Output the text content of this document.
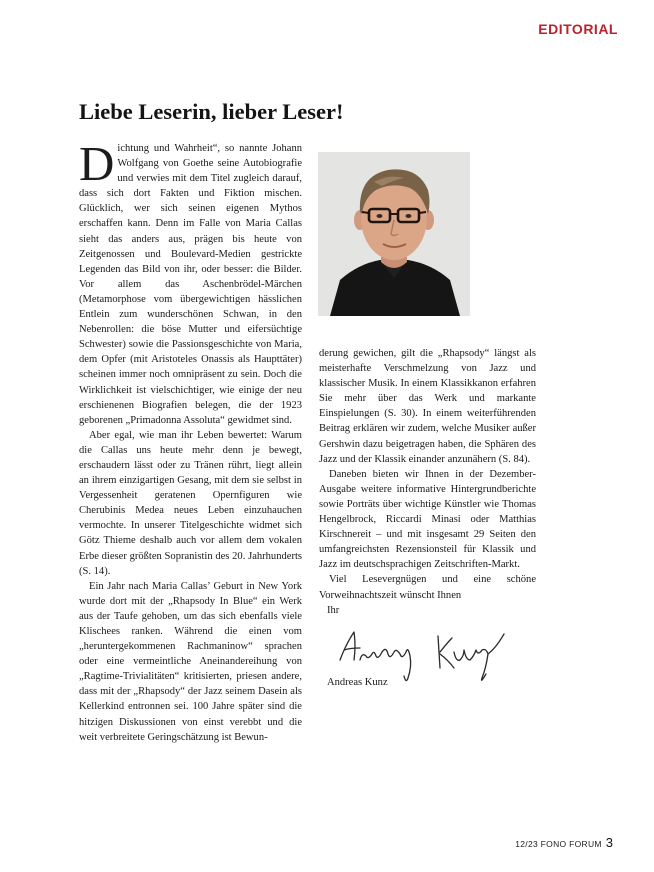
EDITORIAL
Liebe Leserin, lieber Leser!

Dichtung und Wahrheit“, so nannte Johann Wolfgang von Goethe seine Autobiografie und verwies mit dem Titel zugleich darauf, dass sich dort Fakten und Fiktion mischen. Glücklich, wer sich seinen eigenen Mythos erschaffen kann. Denn im Falle von Maria Callas sieht das anders aus, prägen bis heute von Zeitgenossen und Boulevard-Medien gestrickte Legenden das Bild von ihr, oder besser: die Bilder. Vor allem das Aschenbrödel-Märchen (Metamorphose vom übergewichtigen hässlichen Entlein zum wunderschönen Schwan, in den Nebenrollen: die böse Mutter und eifersüchtige Schwester) sowie die Passionsgeschichte von Maria, dem Opfer (mit Aristoteles Onassis als Haupttäter) scheinen immer noch omnipräsent zu sein. Doch die Wirklichkeit ist vielschichtiger, wie einige der neu erschienenen Biografien belegen, die der 1923 geborenen „Primadonna Assoluta“ gewidmet sind.

Aber egal, wie man ihr Leben bewertet: Warum die Callas uns heute mehr denn je bewegt, erschaudern lässt oder zu Tränen rührt, liegt allein an ihrem einzigartigen Gesang, mit dem sie selbst in Vergessenheit geratenen Opernfiguren wie Cherubinis Medea neues Leben einzuhauchen vermochte. In unserer Titelgeschichte widmet sich Götz Thieme deshalb auch vor allem dem vokalen Erbe dieser größten Sopranistin des 20. Jahrhunderts (S. 14).

Ein Jahr nach Maria Callas’ Geburt in New York wurde dort mit der „Rhapsody In Blue“ ein Werk aus der Taufe gehoben, um das sich ebenfalls viele Klischees ranken. Während die einen vom „heruntergekommenen Rachmaninow“ sprachen oder eine vermeintliche Aneinandereihung von „Ragtime-Trivialitäten“ kritisierten, priesen andere, dass mit der „Rhapsody“ der Jazz seinem Dasein als Kellerkind entronnen sei. 100 Jahre später sind die hitzigen Diskussionen von einst verebbt und die weit verbreitete Geringschätzung ist Bewun-

derung gewichen, gilt die „Rhapsody“ längst als meisterhafte Verschmelzung von Jazz und klassischer Musik. In einem Klassikkanon erfahren Sie mehr über das Werk und markante Einspielungen (S. 30). In einem weiterführenden Beitrag erklären wir zudem, welche Musiker außer Gershwin dazu beigetragen haben, die Sphären des Jazz und der Klassik einander anzunähern (S. 84).

Daneben bieten wir Ihnen in der Dezember-Ausgabe weitere informative Hintergrundberichte sowie Porträts über wichtige Künstler wie Thomas Hengelbrock, Riccardi Minasi oder Matthias Kirschnereit – und mit insgesamt 29 Seiten den umfangreichsten Rezensionsteil für Klassik und Jazz im deutschsprachigen Zeitschriften-Markt.

Viel Lesevergnügen und eine schöne Vorweihnachtszeit wünscht Ihnen

Ihr
Andreas Kunz
12/23 FONO FORUM 3
